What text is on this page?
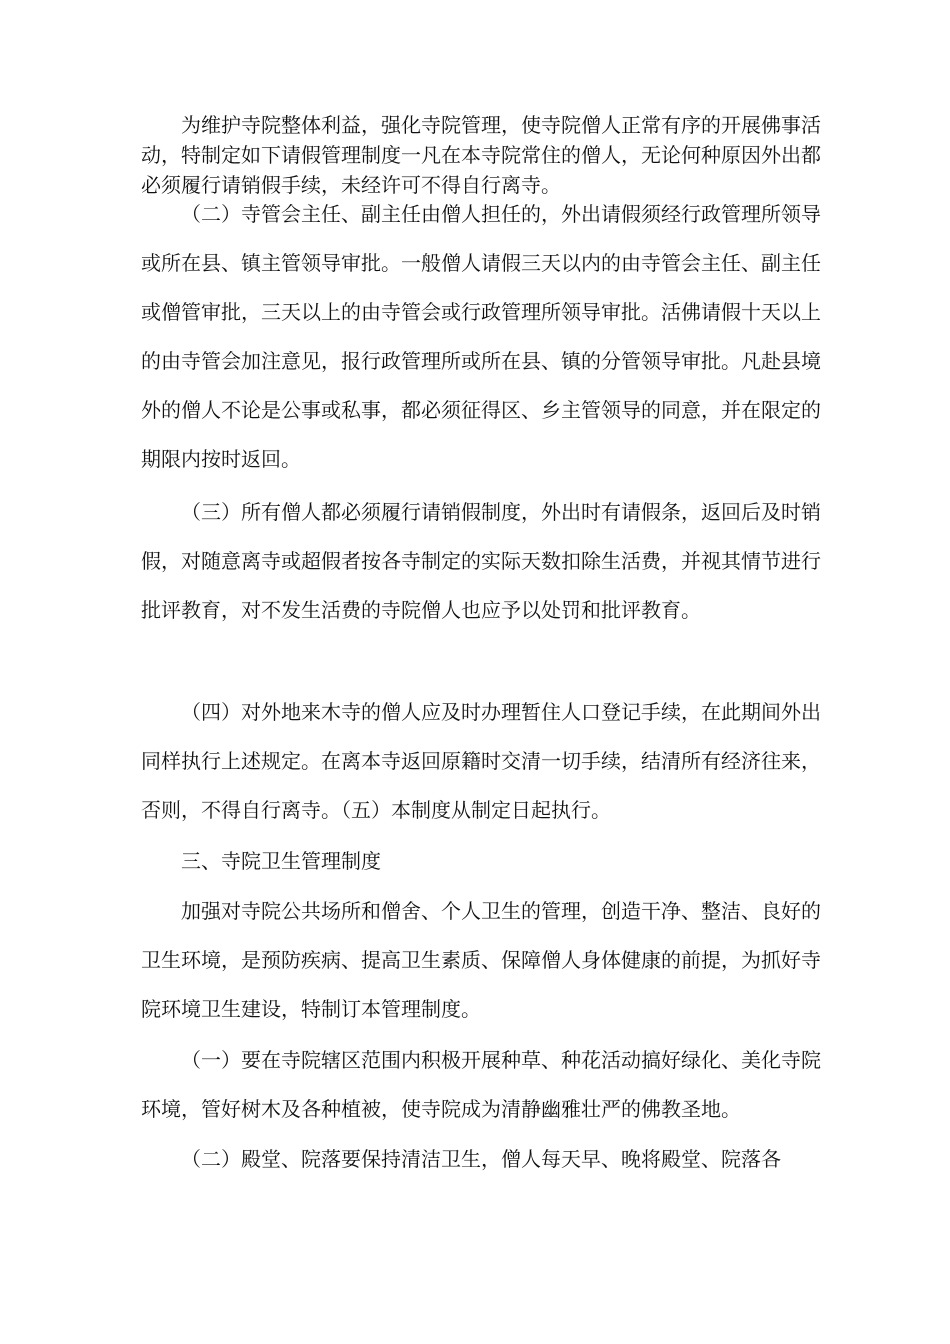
为维护寺院整体利益，强化寺院管理，使寺院僧人正常有序的开展佛事活动，特制定如下请假管理制度一凡在本寺院常住的僧人，无论何种原因外出都必须履行请销假手续，未经许可不得自行离寺。

（二）寺管会主任、副主任由僧人担任的，外出请假须经行政管理所领导或所在县、镇主管领导审批。一般僧人请假三天以内的由寺管会主任、副主任或僧管审批，三天以上的由寺管会或行政管理所领导审批。活佛请假十天以上的由寺管会加注意见，报行政管理所或所在县、镇的分管领导审批。凡赴县境外的僧人不论是公事或私事，都必须征得区、乡主管领导的同意，并在限定的期限内按时返回。

（三）所有僧人都必须履行请销假制度，外出时有请假条，返回后及时销假，对随意离寺或超假者按各寺制定的实际天数扣除生活费，并视其情节进行批评教育，对不发生活费的寺院僧人也应予以处罚和批评教育。

（四）对外地来木寺的僧人应及时办理暂住人口登记手续，在此期间外出同样执行上述规定。在离本寺返回原籍时交清一切手续，结清所有经济往来，否则，不得自行离寺。（五）本制度从制定日起执行。

三、寺院卫生管理制度

加强对寺院公共场所和僧舍、个人卫生的管理，创造干净、整洁、良好的卫生环境，是预防疾病、提高卫生素质、保障僧人身体健康的前提，为抓好寺院环境卫生建设，特制订本管理制度。

（一）要在寺院辖区范围内积极开展种草、种花活动搞好绿化、美化寺院环境，管好树木及各种植被，使寺院成为清静幽雅壮严的佛教圣地。

（二）殿堂、院落要保持清洁卫生，僧人每天早、晚将殿堂、院落各
